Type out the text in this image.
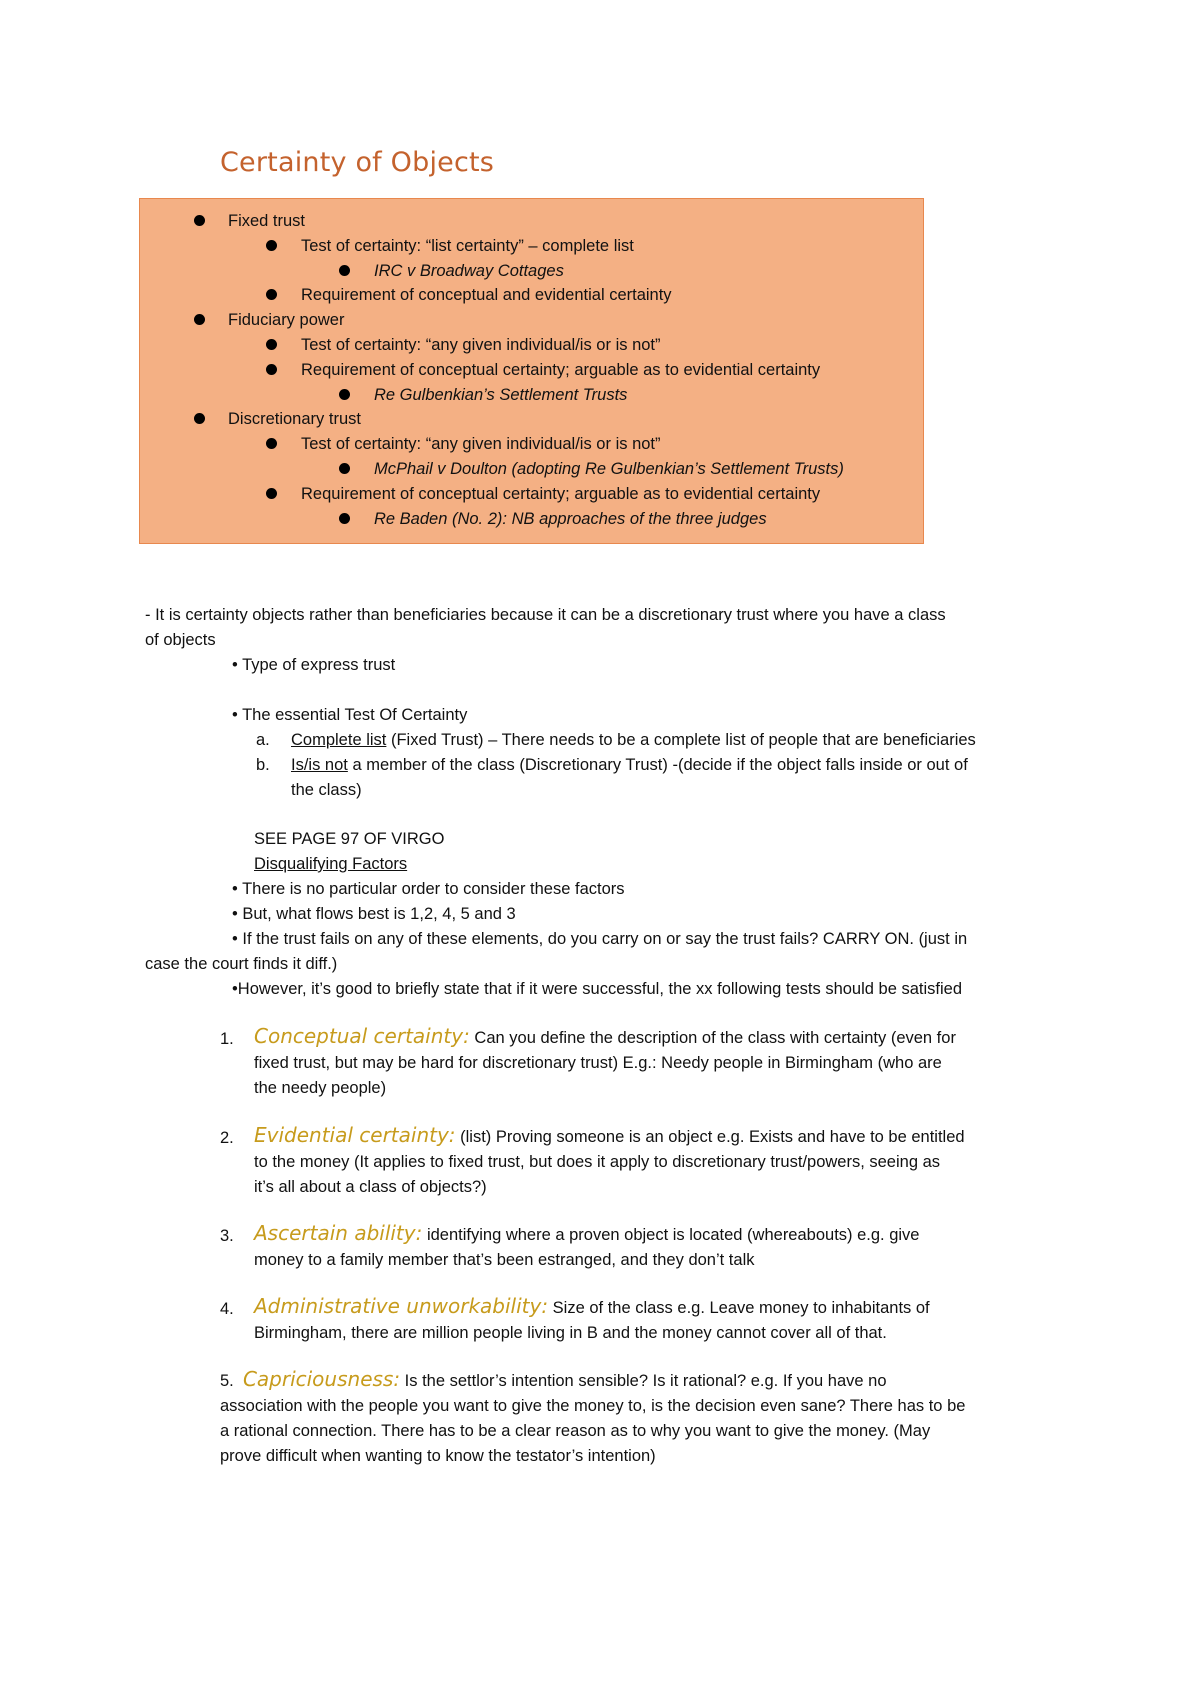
Certainty of Objects
Fixed trust
Test of certainty: “list certainty” – complete list
IRC v Broadway Cottages
Requirement of conceptual and evidential certainty
Fiduciary power
Test of certainty: “any given individual/is or is not”
Requirement of conceptual certainty; arguable as to evidential certainty
Re Gulbenkian’s Settlement Trusts
Discretionary trust
Test of certainty: “any given individual/is or is not”
McPhail v Doulton (adopting Re Gulbenkian’s Settlement Trusts)
Requirement of conceptual certainty; arguable as to evidential certainty
Re Baden (No. 2): NB approaches of the three judges
- It is certainty objects rather than beneficiaries because it can be a discretionary trust where you have a class
of objects
• Type of express trust
• The essential Test Of Certainty
a. Complete list (Fixed Trust) – There needs to be a complete list of people that are beneficiaries
b. Is/is not a member of the class (Discretionary Trust) -(decide if the object falls inside or out of
the class)
SEE PAGE 97 OF VIRGO
Disqualifying Factors
• There is no particular order to consider these factors
• But, what flows best is 1,2, 4, 5 and 3
• If the trust fails on any of these elements, do you carry on or say the trust fails? CARRY ON. (just in
case the court finds it diff.)
•However, it’s good to briefly state that if it were successful, the xx following tests should be satisfied
1. Conceptual certainty: Can you define the description of the class with certainty (even for
fixed trust, but may be hard for discretionary trust) E.g.: Needy people in Birmingham (who are
the needy people)
2. Evidential certainty: (list) Proving someone is an object e.g. Exists and have to be entitled
to the money (It applies to fixed trust, but does it apply to discretionary trust/powers, seeing as
it’s all about a class of objects?)
3. Ascertain ability: identifying where a proven object is located (whereabouts) e.g. give
money to a family member that’s been estranged, and they don’t talk
4. Administrative unworkability: Size of the class e.g. Leave money to inhabitants of
Birmingham, there are million people living in B and the money cannot cover all of that.
5. Capriciousness: Is the settlor’s intention sensible? Is it rational? e.g. If you have no
association with the people you want to give the money to, is the decision even sane? There has to be
a rational connection. There has to be a clear reason as to why you want to give the money. (May
prove difficult when wanting to know the testator’s intention)
